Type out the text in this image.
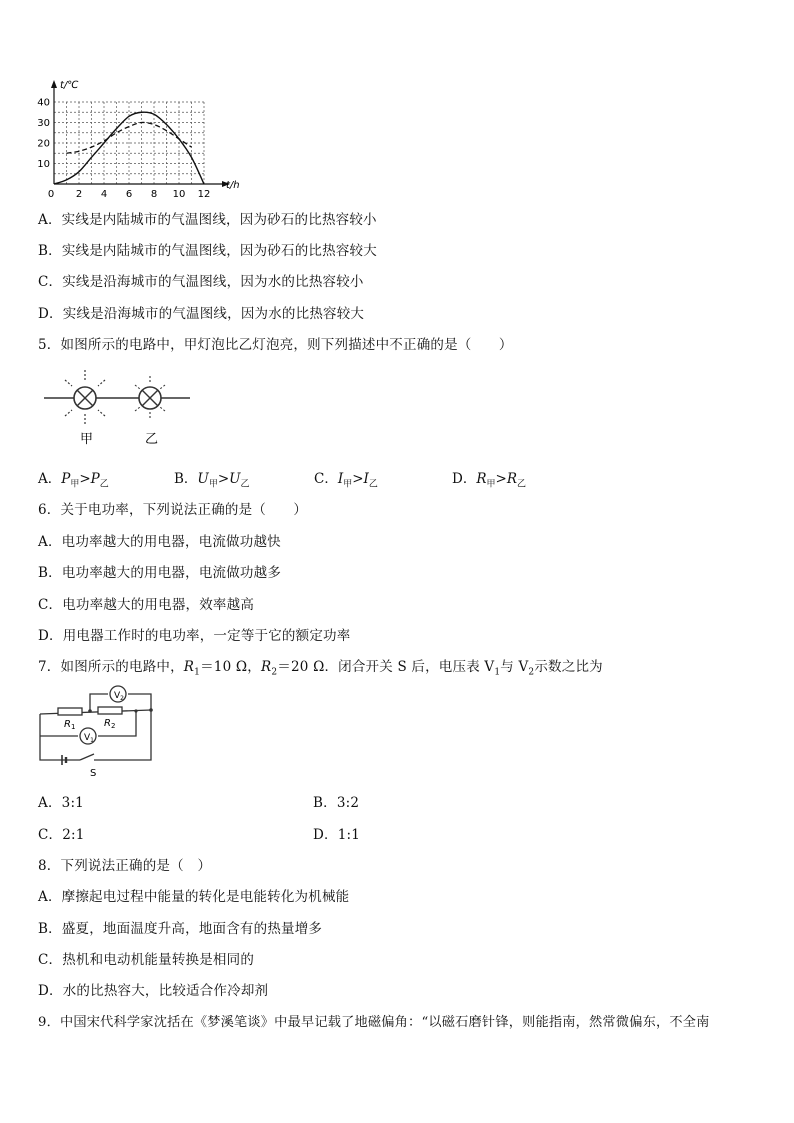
0 2 4 6 8 10 12
10
20
30
40
t/℃
t/h
A．实线是内陆城市的气温图线，因为砂石的比热容较小
B．实线是内陆城市的气温图线，因为砂石的比热容较大
C．实线是沿海城市的气温图线，因为水的比热容较小
D．实线是沿海城市的气温图线，因为水的比热容较大
5．如图所示的电路中，甲灯泡比乙灯泡亮，则下列描述中不正确的是（　　）
甲	乙
A．$P_甲>P_乙$	B．$U_甲>U_乙$	C．$I_甲>I_乙$	D．$R_甲>R_乙$
6．关于电功率，下列说法正确的是（　　）
A．电功率越大的用电器，电流做功越快
B．电功率越大的用电器，电流做功越多
C．电功率越大的用电器，效率越高
D．用电器工作时的电功率，一定等于它的额定功率
7．如图所示的电路中，$R_1=10$ Ω，$R_2=20$ Ω．闭合开关 S 后，电压表 $V_1$与 $V_2$示数之比为
$V_2$
$V_1$
$R_1$	$R_2$
S
A．3:1	B．3:2
C．2:1	D．1:1
8．下列说法正确的是（　）
A．摩擦起电过程中能量的转化是电能转化为机械能
B．盛夏，地面温度升高，地面含有的热量增多
C．热机和电动机能量转换是相同的
D．水的比热容大，比较适合作冷却剂
9．中国宋代科学家沈括在《梦溪笔谈》中最早记载了地磁偏角：“以磁石磨针锋，则能指南，然常微偏东，不全南
